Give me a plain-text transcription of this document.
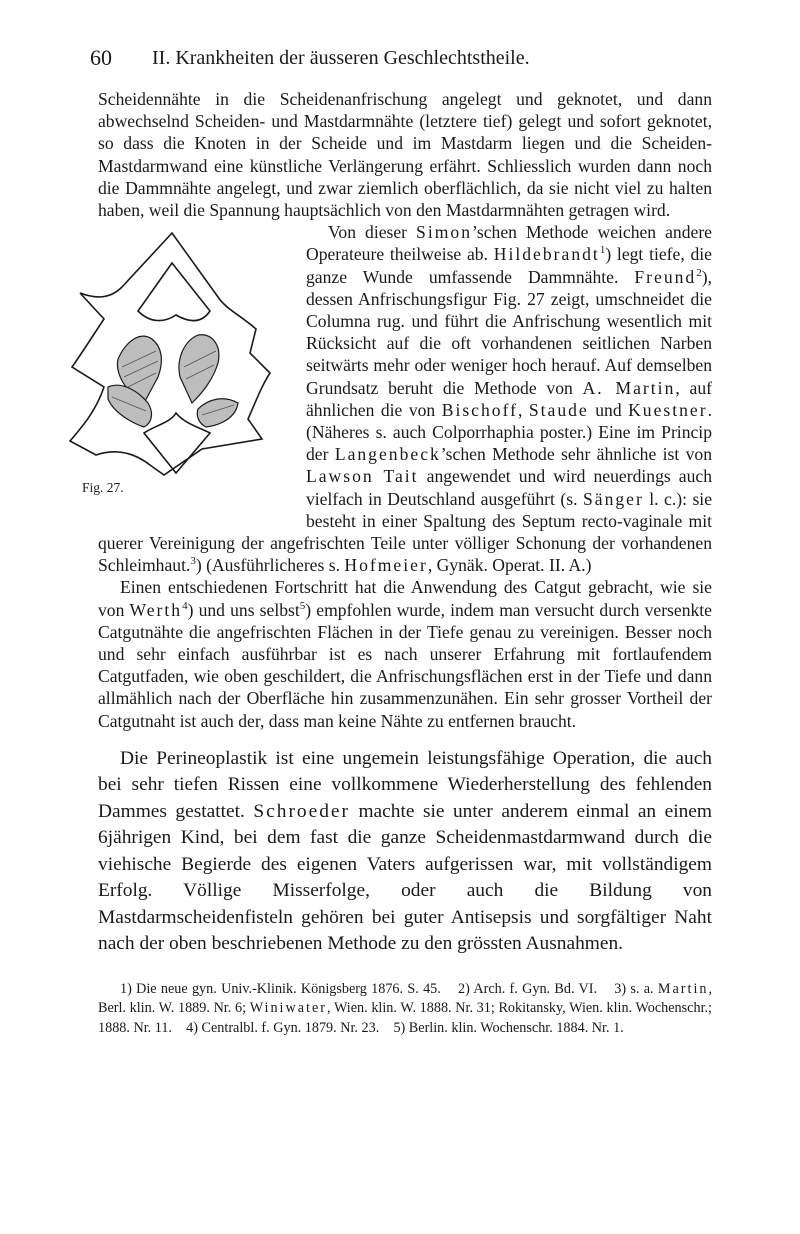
60 II. Krankheiten der äusseren Geschlechtstheile.

Scheidennähte in die Scheidenanfrischung angelegt und geknotet, und dann abwechselnd Scheiden- und Mastdarmnähte (letztere tief) gelegt und sofort geknotet, so dass die Knoten in der Scheide und im Mastdarm liegen und die Scheiden-Mastdarmwand eine künstliche Verlängerung erfährt. Schliesslich wurden dann noch die Dammnähte angelegt, und zwar ziemlich oberflächlich, da sie nicht viel zu halten haben, weil die Spannung hauptsächlich von den Mastdarmnähten getragen wird.

Fig. 27.

Von dieser Simon’schen Methode weichen andere Operateure theilweise ab. Hildebrandt$^1$) legt tiefe, die ganze Wunde umfassende Dammnähte. Freund$^2$), dessen Anfrischungsfigur Fig. 27 zeigt, umschneidet die Columna rug. und führt die Anfrischung wesentlich mit Rücksicht auf die oft vorhandenen seitlichen Narben seitwärts mehr oder weniger hoch herauf. Auf demselben Grundsatz beruht die Methode von A. Martin, auf ähnlichen die von Bischoff, Staude und Kuestner. (Näheres s. auch Colporrhaphia poster.) Eine im Princip der Langenbeck’schen Methode sehr ähnliche ist von Lawson Tait angewendet und wird neuerdings auch vielfach in Deutschland ausgeführt (s. Sänger l. c.): sie besteht in einer Spaltung des Septum recto-vaginale mit querer Vereinigung der angefrischten Teile unter völliger Schonung der vorhandenen Schleimhaut.$^3$) (Ausführlicheres s. Hofmeier, Gynäk. Operat. II. A.)

Einen entschiedenen Fortschritt hat die Anwendung des Catgut gebracht, wie sie von Werth$^4$) und uns selbst$^5$) empfohlen wurde, indem man versucht durch versenkte Catgutnähte die angefrischten Flächen in der Tiefe genau zu vereinigen. Besser noch und sehr einfach ausführbar ist es nach unserer Erfahrung mit fortlaufendem Catgutfaden, wie oben geschildert, die Anfrischungsflächen erst in der Tiefe und dann allmählich nach der Oberfläche hin zusammenzunähen. Ein sehr grosser Vortheil der Catgutnaht ist auch der, dass man keine Nähte zu entfernen braucht.

Die Perineoplastik ist eine ungemein leistungsfähige Operation, die auch bei sehr tiefen Rissen eine vollkommene Wiederherstellung des fehlenden Dammes gestattet. Schroeder machte sie unter anderem einmal an einem 6jährigen Kind, bei dem fast die ganze Scheidenmastdarmwand durch die viehische Begierde des eigenen Vaters aufgerissen war, mit vollständigem Erfolg. Völlige Misserfolge, oder auch die Bildung von Mastdarmscheidenfisteln gehören bei guter Antisepsis und sorgfältiger Naht nach der oben beschriebenen Methode zu den grössten Ausnahmen.

1) Die neue gyn. Univ.-Klinik. Königsberg 1876. S. 45. 2) Arch. f. Gyn. Bd. VI. 3) s. a. Martin, Berl. klin. W. 1889. Nr. 6; Winiwater, Wien. klin. W. 1888. Nr. 31; Rokitansky, Wien. klin. Wochenschr.; 1888. Nr. 11. 4) Centralbl. f. Gyn. 1879. Nr. 23. 5) Berlin. klin. Wochenschr. 1884. Nr. 1.
